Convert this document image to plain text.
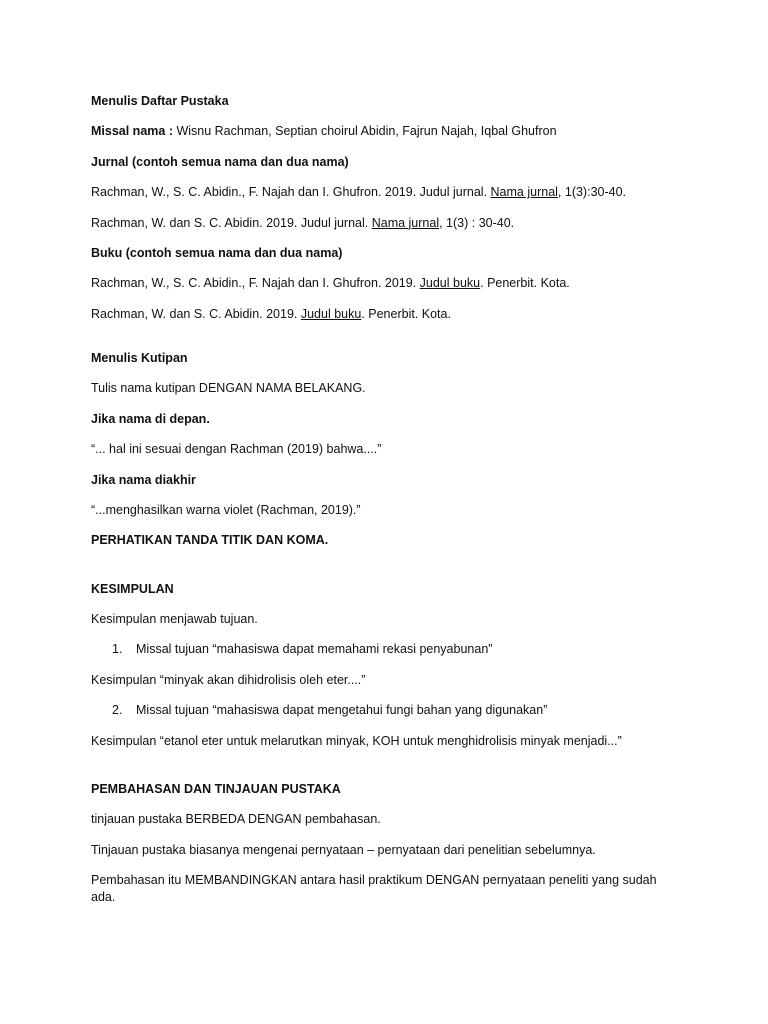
Menulis Daftar Pustaka

Missal nama : Wisnu Rachman, Septian choirul Abidin, Fajrun Najah, Iqbal Ghufron

Jurnal (contoh semua nama dan dua nama)

Rachman, W., S. C. Abidin., F. Najah dan I. Ghufron. 2019. Judul jurnal. Nama jurnal, 1(3):30-40.

Rachman, W. dan S. C. Abidin. 2019. Judul jurnal. Nama jurnal, 1(3) : 30-40.

Buku (contoh semua nama dan dua nama)

Rachman, W., S. C. Abidin., F. Najah dan I. Ghufron. 2019. Judul buku. Penerbit. Kota.

Rachman, W. dan S. C. Abidin. 2019. Judul buku. Penerbit. Kota.

Menulis Kutipan

Tulis nama kutipan DENGAN NAMA BELAKANG.

Jika nama di depan.

“... hal ini sesuai dengan Rachman (2019) bahwa....”

Jika nama diakhir

“...menghasilkan warna violet (Rachman, 2019).”

PERHATIKAN TANDA TITIK DAN KOMA.

KESIMPULAN

Kesimpulan menjawab tujuan.

1.	Missal tujuan “mahasiswa dapat memahami rekasi penyabunan”

Kesimpulan “minyak akan dihidrolisis oleh eter....”

2.	Missal tujuan “mahasiswa dapat mengetahui fungi bahan yang digunakan”

Kesimpulan “etanol eter untuk melarutkan minyak, KOH untuk menghidrolisis minyak menjadi...”

PEMBAHASAN DAN TINJAUAN PUSTAKA

tinjauan pustaka BERBEDA DENGAN pembahasan.

Tinjauan pustaka biasanya mengenai pernyataan – pernyataan dari penelitian sebelumnya.

Pembahasan itu MEMBANDINGKAN antara hasil praktikum DENGAN pernyataan peneliti yang sudah ada.
